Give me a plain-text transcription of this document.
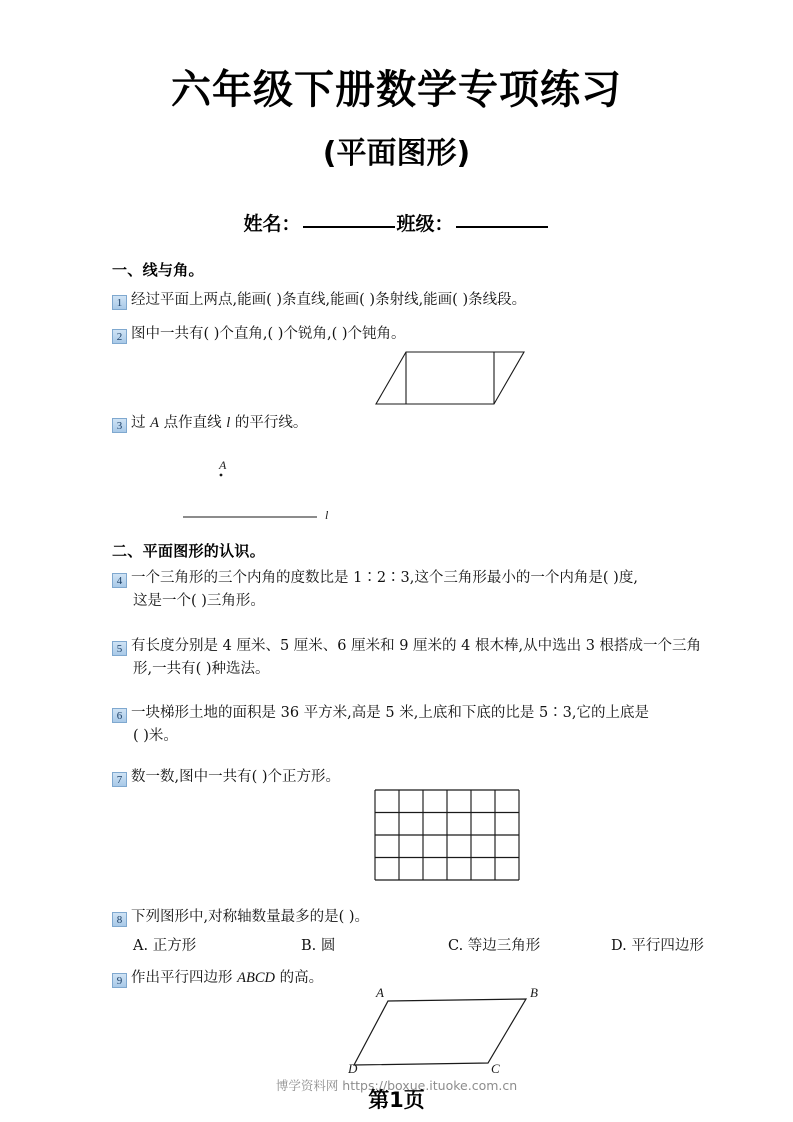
六年级下册数学专项练习
(平面图形)
姓名：	班级：
一、线与角。
1 经过平面上两点,能画( )条直线,能画( )条射线,能画( )条线段。
2 图中一共有( )个直角,( )个锐角,( )个钝角。
3 过 A 点作直线 l 的平行线。
A
l
二、平面图形的认识。
4 一个三角形的三个内角的度数比是 1∶2∶3,这个三角形最小的一个内角是( )度,
这是一个( )三角形。
5 有长度分别是 4 厘米、5 厘米、6 厘米和 9 厘米的 4 根木棒,从中选出 3 根搭成一个三角
形,一共有( )种选法。
6 一块梯形土地的面积是 36 平方米,高是 5 米,上底和下底的比是 5∶3,它的上底是
( )米。
7 数一数,图中一共有( )个正方形。
8 下列图形中,对称轴数量最多的是( )。
A. 正方形	B. 圆	C. 等边三角形	D. 平行四边形
9 作出平行四边形 ABCD 的高。
A	B
C
D
博学资料网 https://boxue.ituoke.com.cn
第1页
